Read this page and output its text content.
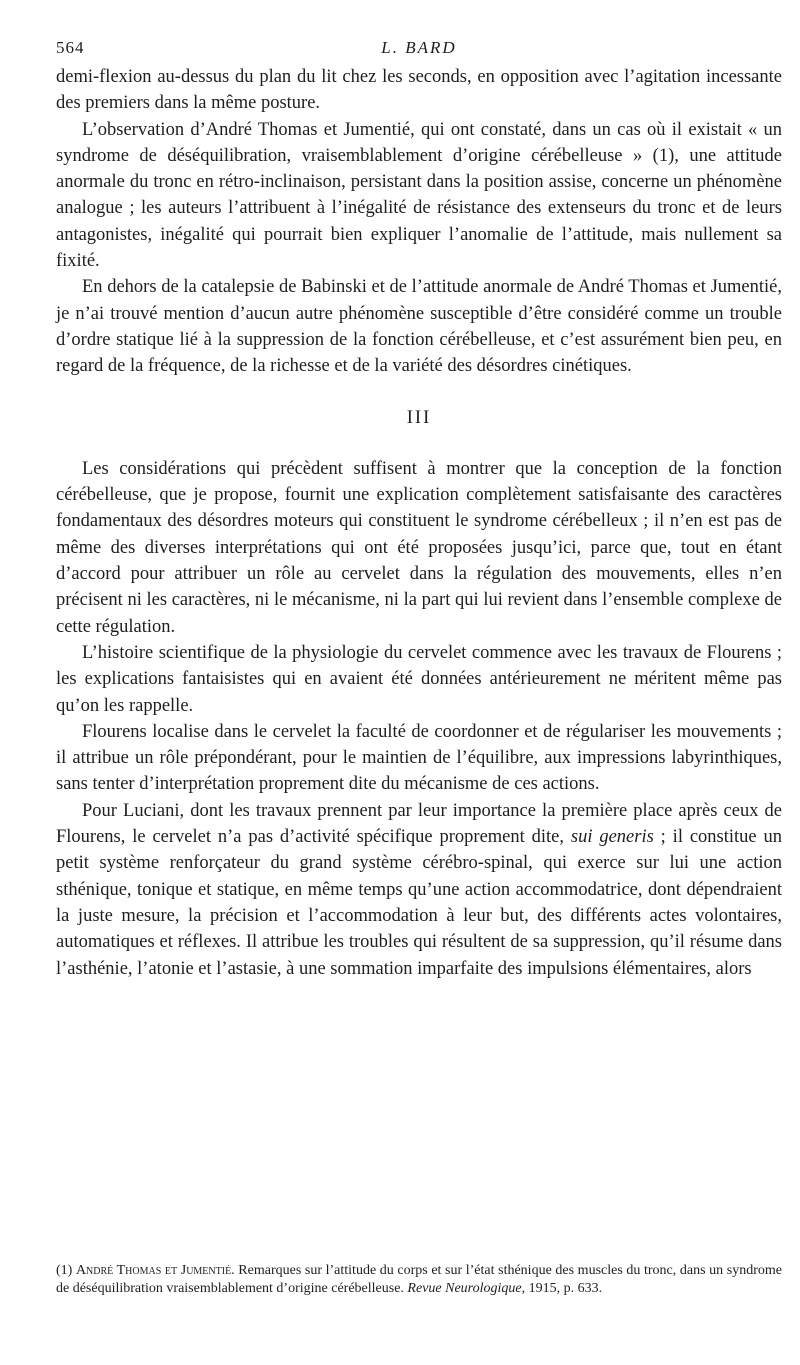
564	L. BARD

demi-flexion au-dessus du plan du lit chez les seconds, en opposition avec l’agitation incessante des premiers dans la même posture.

L’observation d’André Thomas et Jumentié, qui ont constaté, dans un cas où il existait « un syndrome de déséquilibration, vraisemblablement d’origine cérébelleuse » (1), une attitude anormale du tronc en rétro-inclinaison, persistant dans la position assise, concerne un phénomène analogue ; les auteurs l’attribuent à l’inégalité de résistance des extenseurs du tronc et de leurs antagonistes, inégalité qui pourrait bien expliquer l’anomalie de l’attitude, mais nullement sa fixité.

En dehors de la catalepsie de Babinski et de l’attitude anormale de André Thomas et Jumentié, je n’ai trouvé mention d’aucun autre phénomène susceptible d’être considéré comme un trouble d’ordre statique lié à la suppression de la fonction cérébelleuse, et c’est assurément bien peu, en regard de la fréquence, de la richesse et de la variété des désordres cinétiques.

III

Les considérations qui précèdent suffisent à montrer que la conception de la fonction cérébelleuse, que je propose, fournit une explication complètement satisfaisante des caractères fondamentaux des désordres moteurs qui constituent le syndrome cérébelleux ; il n’en est pas de même des diverses interprétations qui ont été proposées jusqu’ici, parce que, tout en étant d’accord pour attribuer un rôle au cervelet dans la régulation des mouvements, elles n’en précisent ni les caractères, ni le mécanisme, ni la part qui lui revient dans l’ensemble complexe de cette régulation.

L’histoire scientifique de la physiologie du cervelet commence avec les travaux de Flourens ; les explications fantaisistes qui en avaient été données antérieurement ne méritent même pas qu’on les rappelle.

Flourens localise dans le cervelet la faculté de coordonner et de régulariser les mouvements ; il attribue un rôle prépondérant, pour le maintien de l’équilibre, aux impressions labyrinthiques, sans tenter d’interprétation proprement dite du mécanisme de ces actions.

Pour Luciani, dont les travaux prennent par leur importance la première place après ceux de Flourens, le cervelet n’a pas d’activité spécifique proprement dite, sui generis ; il constitue un petit système renforçateur du grand système cérébro-spinal, qui exerce sur lui une action sthénique, tonique et statique, en même temps qu’une action accommodatrice, dont dépendraient la juste mesure, la précision et l’accommodation à leur but, des différents actes volontaires, automatiques et réflexes. Il attribue les troubles qui résultent de sa suppression, qu’il résume dans l’asthénie, l’atonie et l’astasie, à une sommation imparfaite des impulsions élémentaires, alors

(1) André Thomas et Jumentié. Remarques sur l’attitude du corps et sur l’état sthénique des muscles du tronc, dans un syndrome de déséquilibration vraisemblablement d’origine cérébelleuse. Revue Neurologique, 1915, p. 633.
